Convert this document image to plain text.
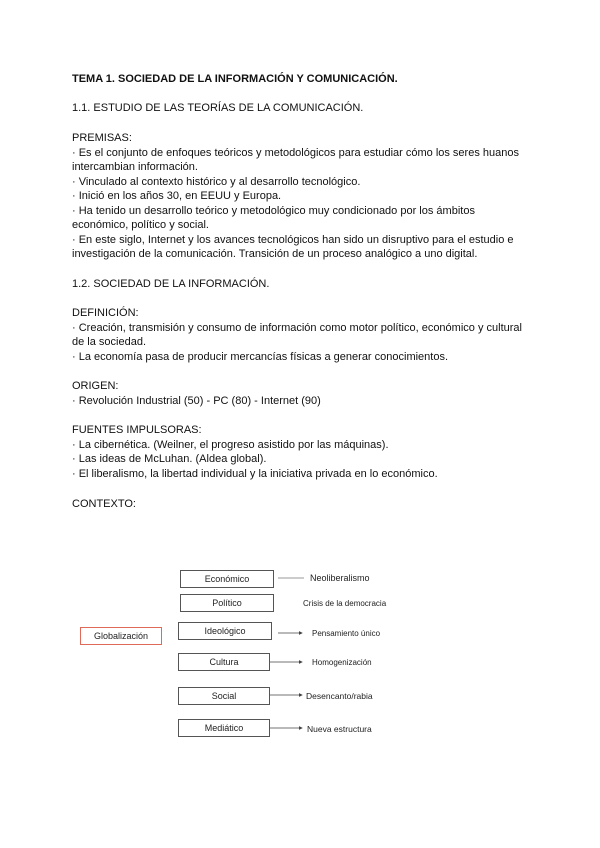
TEMA 1. SOCIEDAD DE LA INFORMACIÓN Y COMUNICACIÓN.
1.1. ESTUDIO DE LAS TEORÍAS DE LA COMUNICACIÓN.
PREMISAS:
· Es el conjunto de enfoques teóricos y metodológicos para estudiar cómo los seres huanos
intercambian información.
· Vinculado al contexto histórico y al desarrollo tecnológico.
· Inició en los años 30, en EEUU y Europa.
· Ha tenido un desarrollo teórico y metodológico muy condicionado por los ámbitos
económico, político y social.
· En este siglo, Internet y los avances tecnológicos han sido un disruptivo para el estudio e
investigación de la comunicación. Transición de un proceso analógico a uno digital.
1.2. SOCIEDAD DE LA INFORMACIÓN.
DEFINICIÓN:
· Creación, transmisión y consumo de información como motor político, económico y cultural
de la sociedad.
· La economía pasa de producir mercancías físicas a generar conocimientos.
ORIGEN:
· Revolución Industrial (50) - PC (80) - Internet (90)
FUENTES IMPULSORAS:
· La cibernética. (Weilner, el progreso asistido por las máquinas).
· Las ideas de McLuhan. (Aldea global).
· El liberalismo, la libertad individual y la iniciativa privada en lo económico.
CONTEXTO:
Globalización
Económico
Político
Ideológico
Cultura
Social
Mediático
Neoliberalismo
Crisis de la democracia
Pensamiento único
Homogenización
Desencanto/rabia
Nueva estructura
